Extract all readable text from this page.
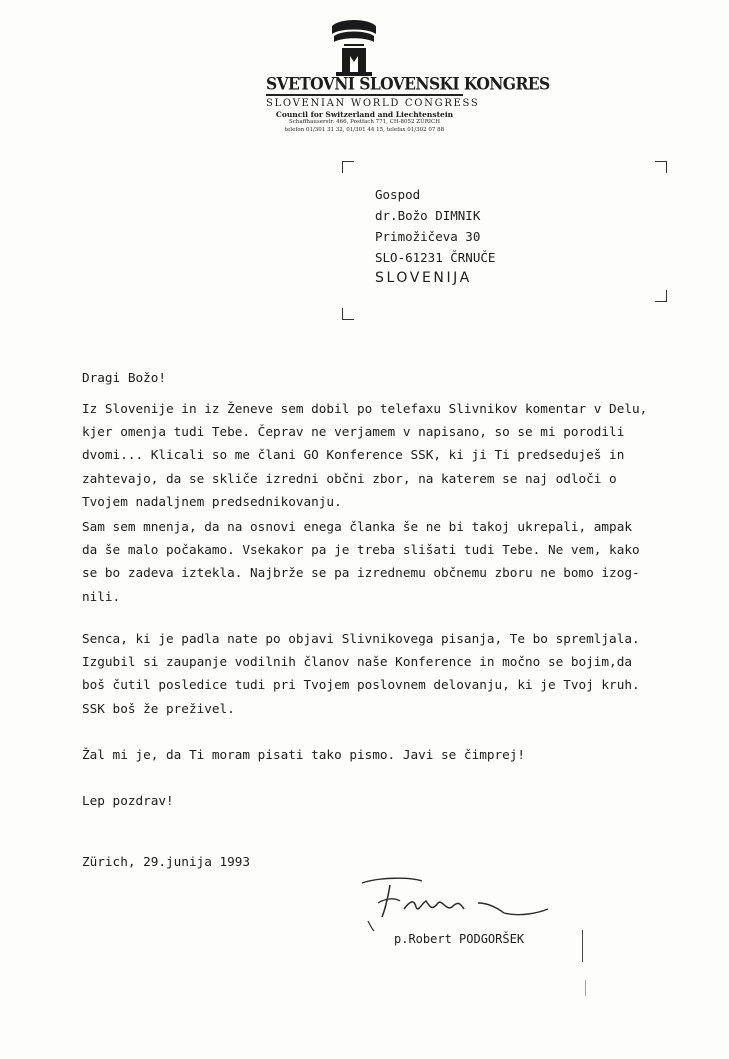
SVETOVNI SLOVENSKI KONGRES
SLOVENIAN WORLD CONGRESS
Council for Switzerland and Liechtenstein
Schaffhauserstr. 466, Postfach 771, CH-8052 ZÜRICH
telefon 01/301 31 32, 01/301 44 15, telefax 01/302 07 88
Gospod
dr.Božo DIMNIK
Primožičeva 30
SLO-61231 ČRNUČE
SLOVENIJA
Dragi Božo!
Iz Slovenije in iz Ženeve sem dobil po telefaxu Slivnikov komentar v Delu,
kjer omenja tudi Tebe. Čeprav ne verjamem v napisano, so se mi porodili
dvomi... Klicali so me člani GO Konference SSK, ki ji Ti predseduješ in
zahtevajo, da se skliče izredni občni zbor, na katerem se naj odloči o
Tvojem nadaljnem predsednikovanju.
Sam sem mnenja, da na osnovi enega članka še ne bi takoj ukrepali, ampak
da še malo počakamo. Vsekakor pa je treba slišati tudi Tebe. Ne vem, kako
se bo zadeva iztekla. Najbrže se pa izrednemu občnemu zboru ne bomo izog-
nili.
Senca, ki je padla nate po objavi Slivnikovega pisanja, Te bo spremljala.
Izgubil si zaupanje vodilnih članov naše Konference in močno se bojim,da
boš čutil posledice tudi pri Tvojem poslovnem delovanju, ki je Tvoj kruh.
SSK boš že preživel.
Žal mi je, da Ti moram pisati tako pismo. Javi se čimprej!
Lep pozdrav!
Zürich, 29.junija 1993
p.Robert PODGORŠEK
